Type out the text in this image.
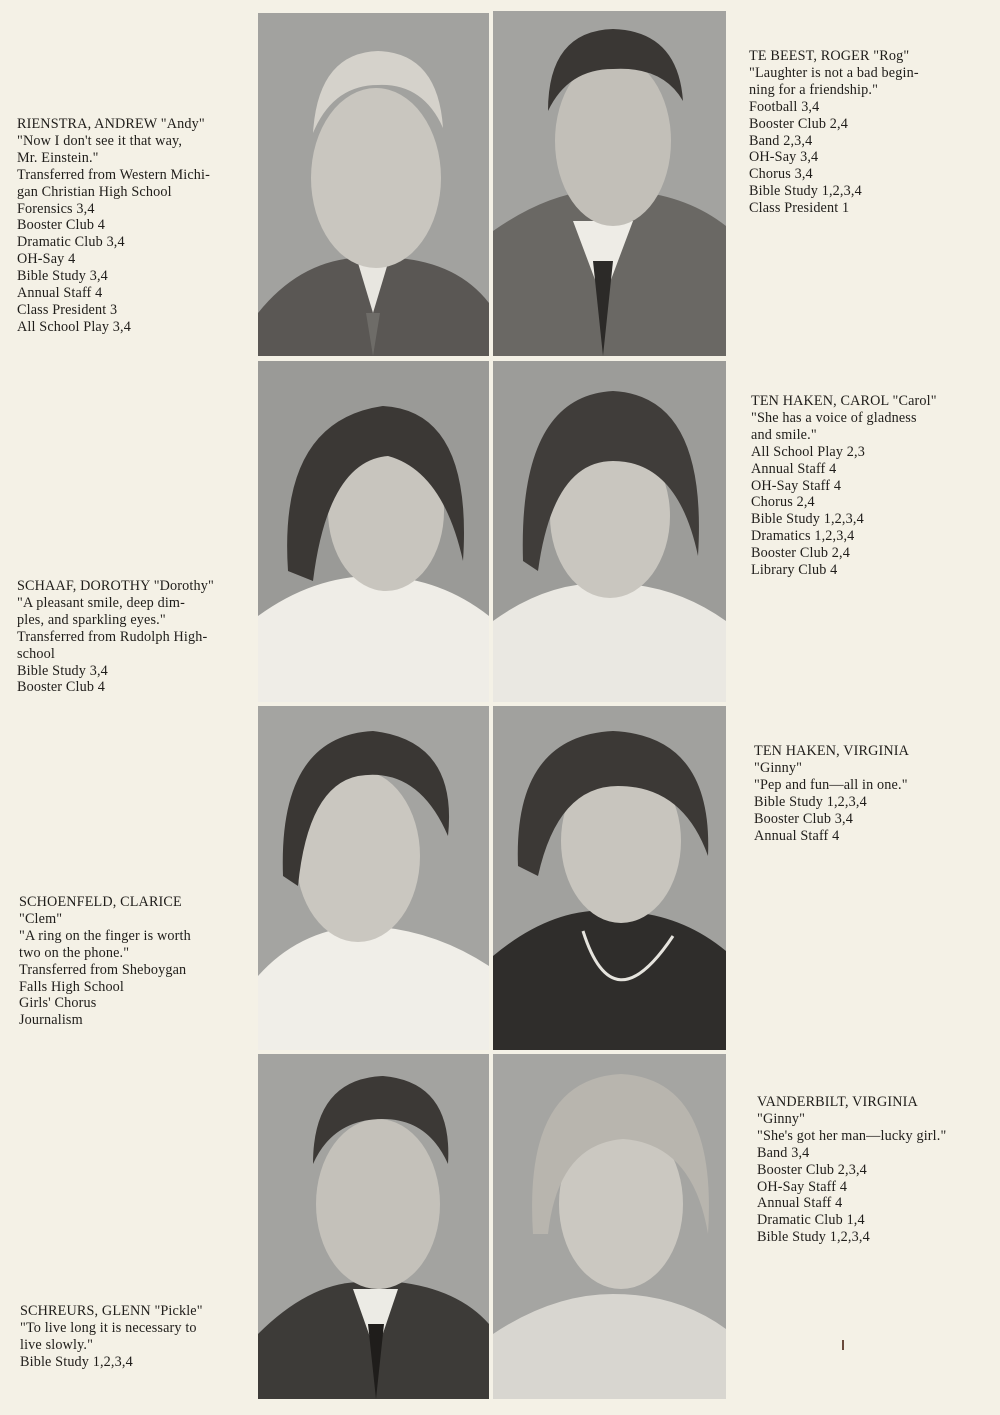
RIENSTRA, ANDREW "Andy"
"Now I don't see it that way,
Mr. Einstein."
Transferred from Western Michi-
gan Christian High School
Forensics 3,4
Booster Club 4
Dramatic Club 3,4
OH-Say 4
Bible Study 3,4
Annual Staff 4
Class President 3
All School Play 3,4
TE BEEST, ROGER "Rog"
"Laughter is not a bad begin-
ning for a friendship."
Football 3,4
Booster Club 2,4
Band 2,3,4
OH-Say 3,4
Chorus 3,4
Bible Study 1,2,3,4
Class President 1
SCHAAF, DOROTHY "Dorothy"
"A pleasant smile, deep dim-
ples, and sparkling eyes."
Transferred from Rudolph High-
school
Bible Study 3,4
Booster Club 4
TEN HAKEN, CAROL "Carol"
"She has a voice of gladness
and smile."
All School Play 2,3
Annual Staff 4
OH-Say Staff 4
Chorus 2,4
Bible Study 1,2,3,4
Dramatics 1,2,3,4
Booster Club 2,4
Library Club 4
SCHOENFELD, CLARICE
"Clem"
"A ring on the finger is worth
two on the phone."
Transferred from Sheboygan
Falls High School
Girls' Chorus
Journalism
TEN HAKEN, VIRGINIA
"Ginny"
"Pep and fun—all in one."
Bible Study 1,2,3,4
Booster Club 3,4
Annual Staff 4
SCHREURS, GLENN "Pickle"
"To live long it is necessary to
live slowly."
Bible Study 1,2,3,4
VANDERBILT, VIRGINIA
"Ginny"
"She's got her man—lucky girl."
Band 3,4
Booster Club 2,3,4
OH-Say Staff 4
Annual Staff 4
Dramatic Club 1,4
Bible Study 1,2,3,4
